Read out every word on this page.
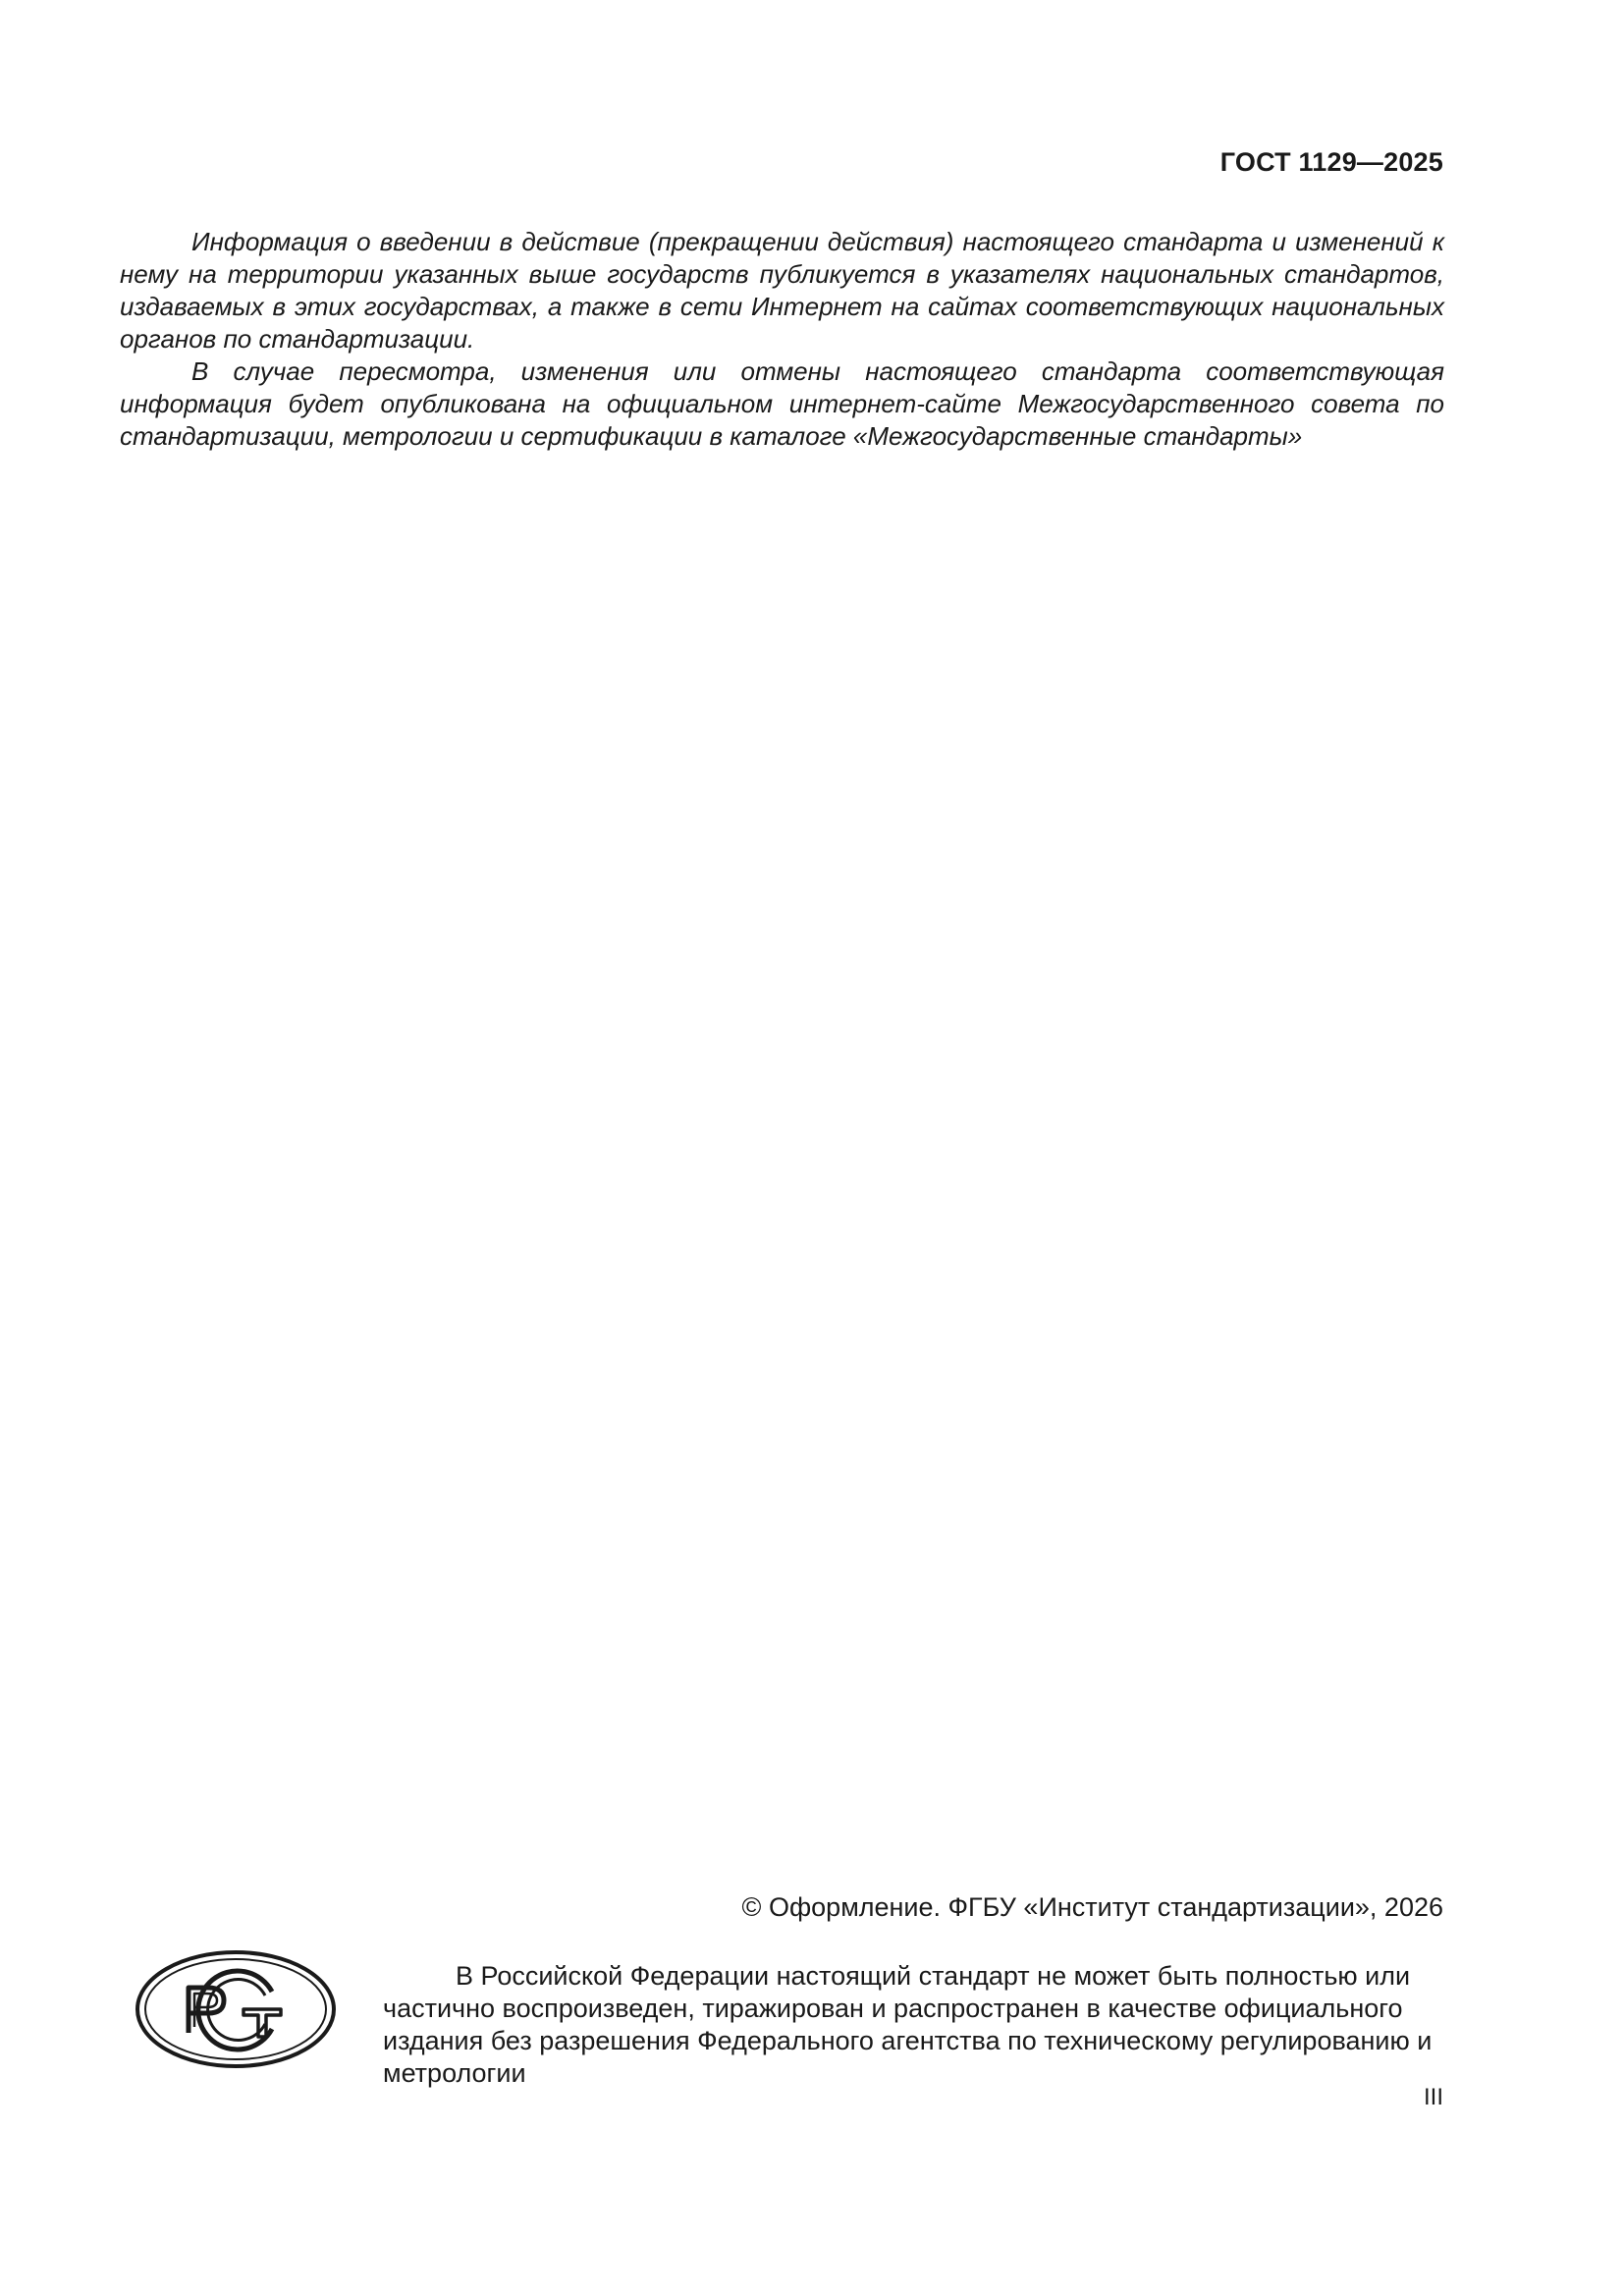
ГОСТ 1129—2025

Информация о введении в действие (прекращении действия) настоящего стандарта и изменений к нему на территории указанных выше государств публикуется в указателях национальных стандартов, издаваемых в этих государствах, а также в сети Интернет на сайтах соответствующих национальных органов по стандартизации.

В случае пересмотра, изменения или отмены настоящего стандарта соответствующая информация будет опубликована на официальном интернет-сайте Межгосударственного совета по стандартизации, метрологии и сертификации в каталоге «Межгосударственные стандарты»

© Оформление. ФГБУ «Институт стандартизации», 2026
В Российской Федерации настоящий стандарт не может быть полностью или частично воспроизведен, тиражирован и распространен в качестве официального издания без разрешения Федерального агентства по техническому регулированию и метрологии
III
